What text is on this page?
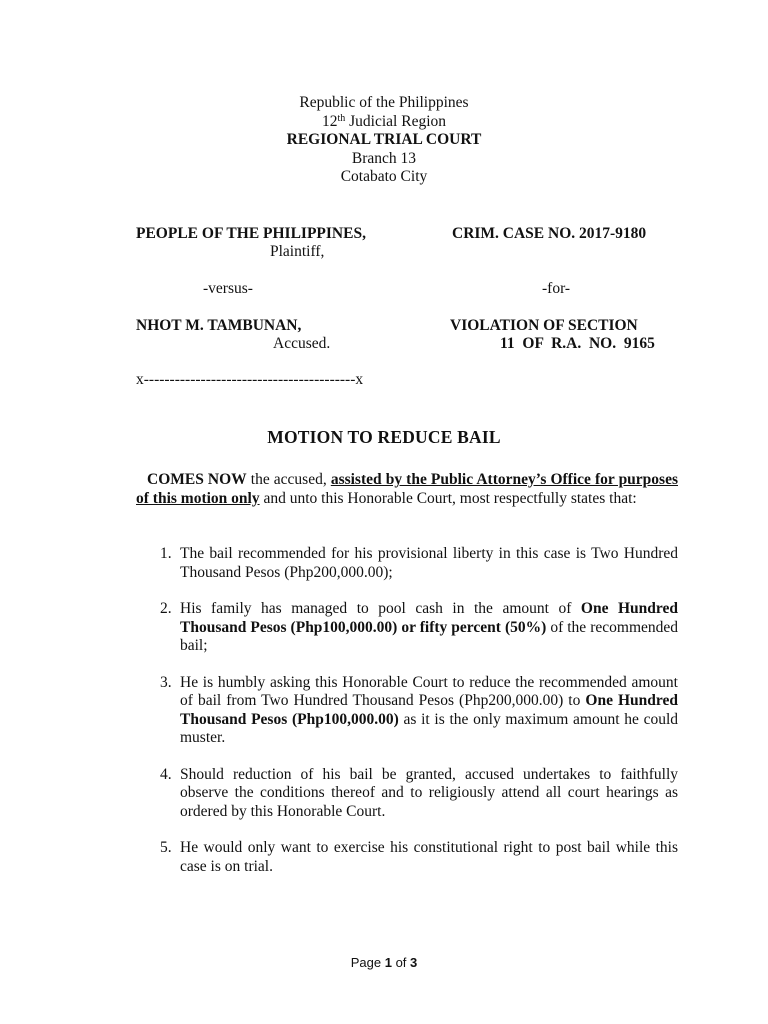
Republic of the Philippines
12th Judicial Region
REGIONAL TRIAL COURT
Branch 13
Cotabato City
PEOPLE OF THE PHILIPPINES,
Plaintiff,
-versus-
NHOT M. TAMBUNAN,
Accused.
x-----------------------------------------x
CRIM. CASE NO. 2017-9180
-for-
VIOLATION OF SECTION
11  OF  R.A.  NO.  9165
MOTION TO REDUCE BAIL
COMES NOW the accused, assisted by the Public Attorney’s Office for purposes of this motion only and unto this Honorable Court, most respectfully states that:
1. The bail recommended for his provisional liberty in this case is Two Hundred Thousand Pesos (Php200,000.00);
2. His family has managed to pool cash in the amount of One Hundred Thousand Pesos (Php100,000.00) or fifty percent (50%) of the recommended bail;
3. He is humbly asking this Honorable Court to reduce the recommended amount of bail from Two Hundred Thousand Pesos (Php200,000.00) to One Hundred Thousand Pesos (Php100,000.00) as it is the only maximum amount he could muster.
4. Should reduction of his bail be granted, accused undertakes to faithfully observe the conditions thereof and to religiously attend all court hearings as ordered by this Honorable Court.
5. He would only want to exercise his constitutional right to post bail while this case is on trial.
Page 1 of 3
